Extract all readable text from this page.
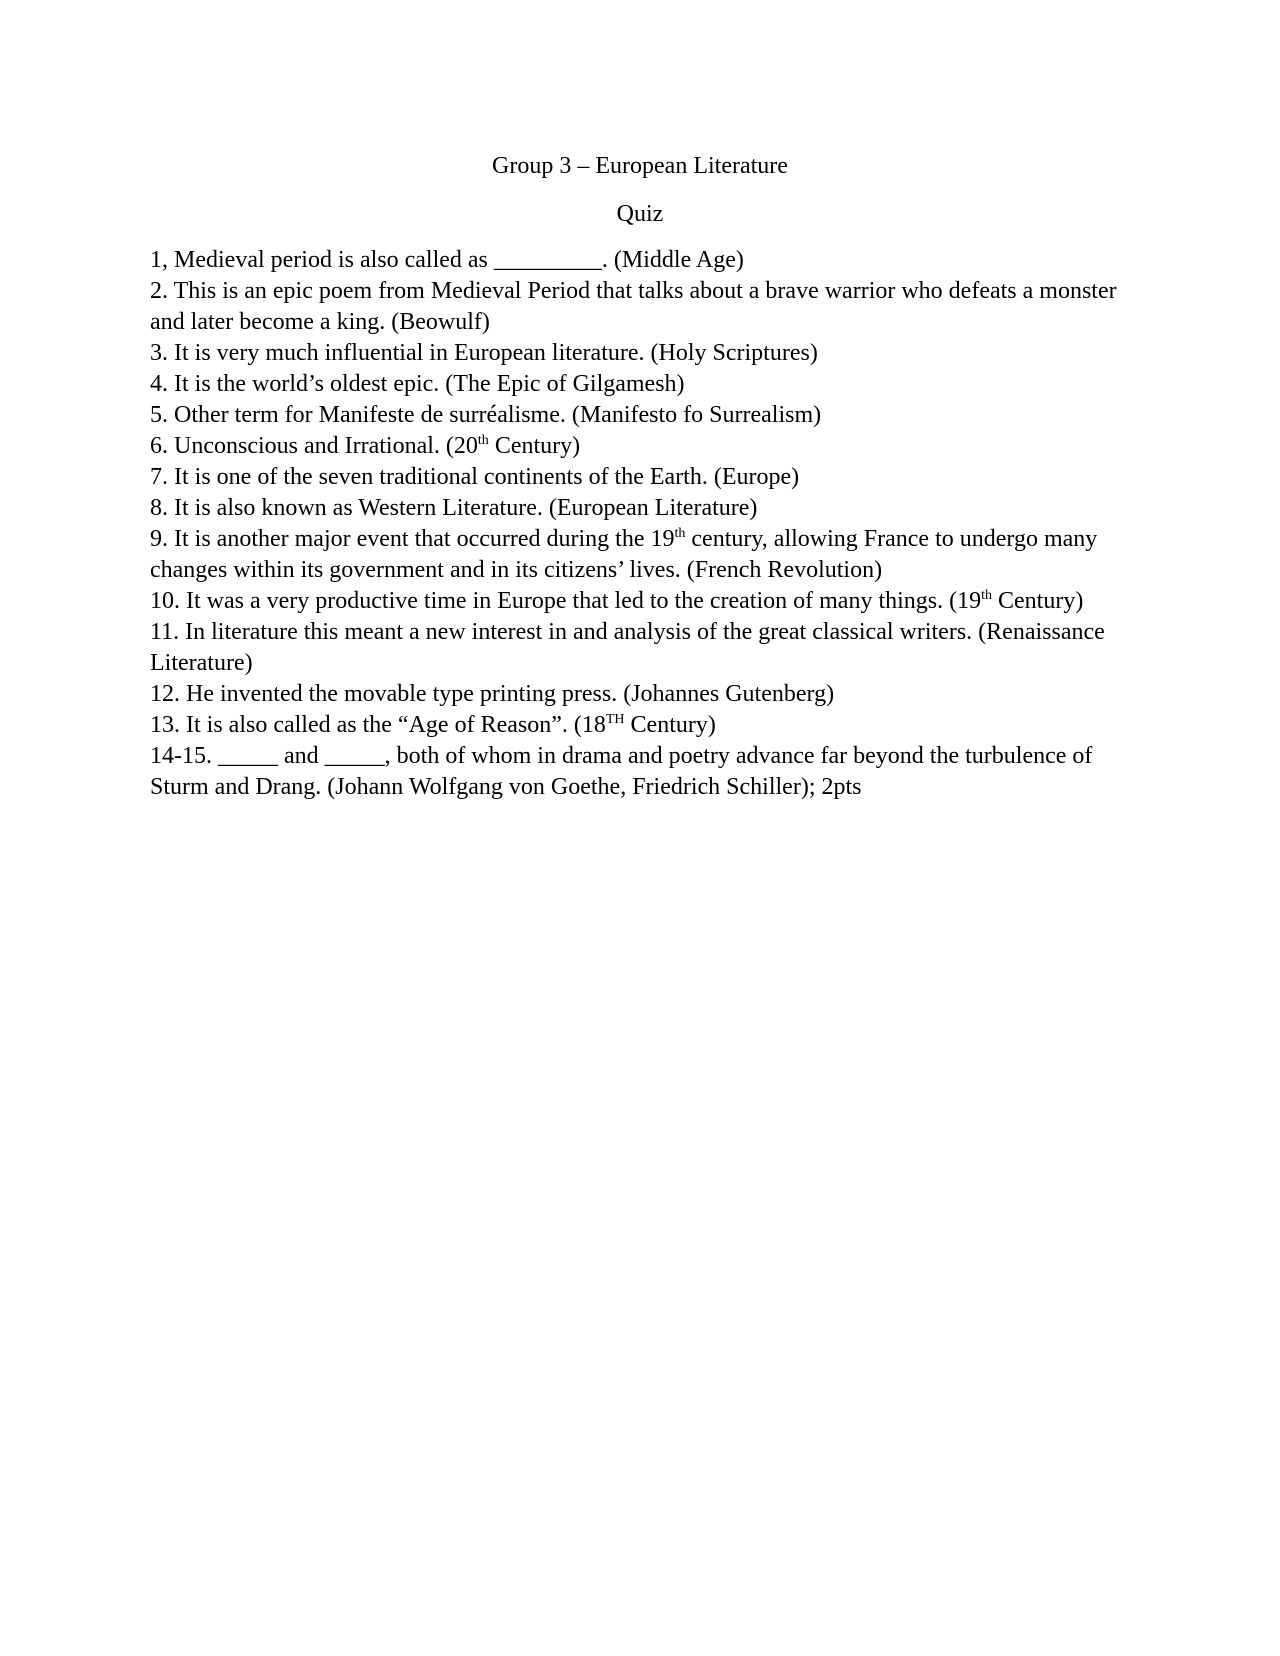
Group 3 – European Literature
Quiz

1, Medieval period is also called as _________. (Middle Age)

2. This is an epic poem from Medieval Period that talks about a brave warrior who defeats a monster and later become a king. (Beowulf)

3. It is very much influential in European literature. (Holy Scriptures)

4. It is the world’s oldest epic. (The Epic of Gilgamesh)

5. Other term for Manifeste de surréalisme. (Manifesto fo Surrealism)

6. Unconscious and Irrational. (20th Century)

7. It is one of the seven traditional continents of the Earth. (Europe)

8. It is also known as Western Literature. (European Literature)

9. It is another major event that occurred during the 19th century, allowing France to undergo many changes within its government and in its citizens’ lives. (French Revolution)

10. It was a very productive time in Europe that led to the creation of many things. (19th Century)

11. In literature this meant a new interest in and analysis of the great classical writers. (Renaissance Literature)

12. He invented the movable type printing press. (Johannes Gutenberg)

13. It is also called as the “Age of Reason”. (18TH Century)

14-15. _____ and _____, both of whom in drama and poetry advance far beyond the turbulence of Sturm and Drang. (Johann Wolfgang von Goethe, Friedrich Schiller); 2pts
